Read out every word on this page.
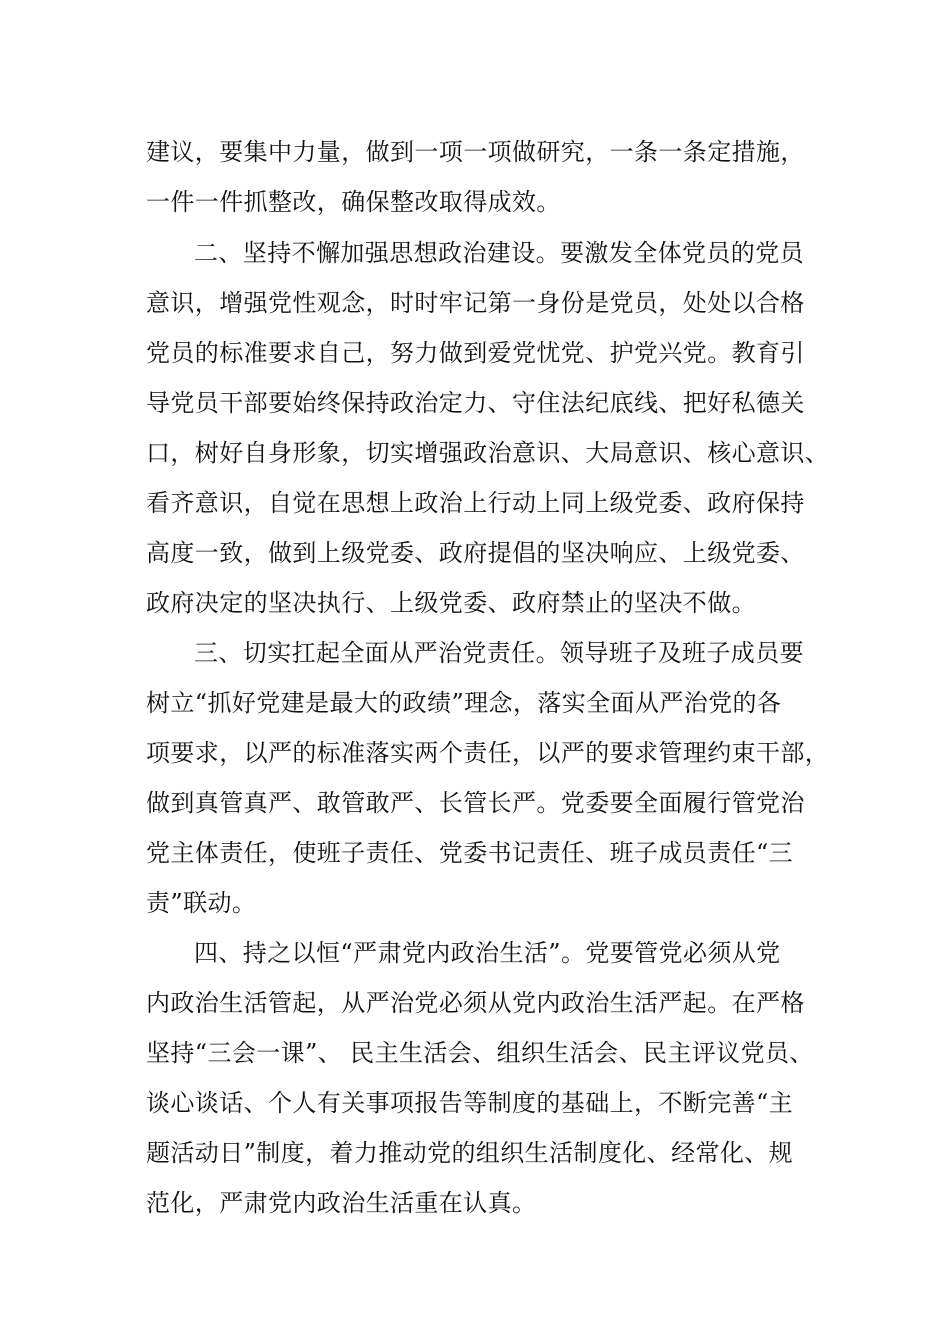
建议，要集中力量，做到一项一项做研究，一条一条定措施，

一件一件抓整改，确保整改取得成效。

二、坚持不懈加强思想政治建设。要激发全体党员的党员

意识，增强党性观念，时时牢记第一身份是党员，处处以合格

党员的标准要求自己，努力做到爱党忧党、护党兴党。教育引

导党员干部要始终保持政治定力、守住法纪底线、把好私德关

口，树好自身形象，切实增强政治意识、大局意识、核心意识、

看齐意识，自觉在思想上政治上行动上同上级党委、政府保持

高度一致，做到上级党委、政府提倡的坚决响应、上级党委、

政府决定的坚决执行、上级党委、政府禁止的坚决不做。

三、切实扛起全面从严治党责任。领导班子及班子成员要

树立“抓好党建是最大的政绩”理念，落实全面从严治党的各

项要求，以严的标准落实两个责任，以严的要求管理约束干部，

做到真管真严、敢管敢严、长管长严。党委要全面履行管党治

党主体责任，使班子责任、党委书记责任、班子成员责任“三

责”联动。

四、持之以恒“严肃党内政治生活”。党要管党必须从党

内政治生活管起，从严治党必须从党内政治生活严起。在严格

坚持“三会一课”、 民主生活会、组织生活会、民主评议党员、

谈心谈话、个人有关事项报告等制度的基础上，不断完善“主

题活动日”制度，着力推动党的组织生活制度化、经常化、规

范化，严肃党内政治生活重在认真。
